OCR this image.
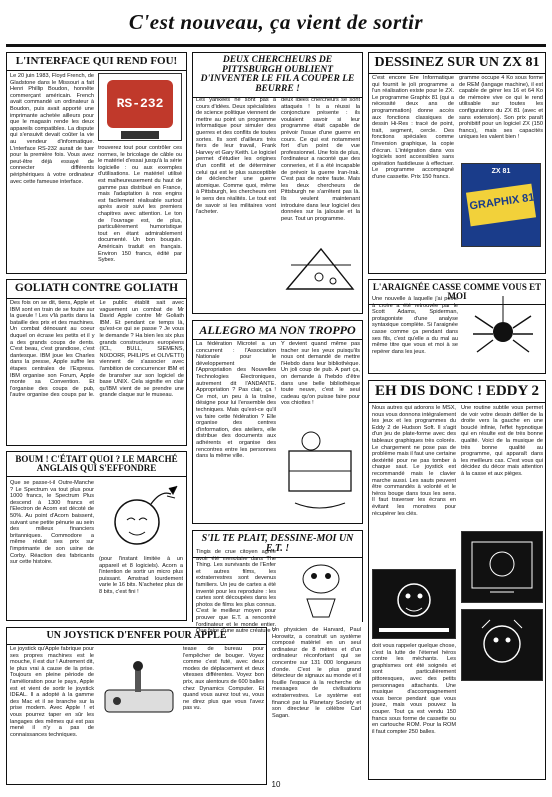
C'est nouveau, ça vient de sortir
L'INTERFACE QUI REND FOU!
Le 20 juin 1983, Floyd French, de Gladstone dans le Missouri a fait Henri Phillip Boudon, honnête commerçant américain. French avait commandé un ordinateur à Boudon, puis avait apporté une imprimante achetée ailleurs pour que le magasin rende les deux appareils compatibles. La dispute qui s'ensuivit devait coûter la vie au vendeur d'informatique. L'interface RS-232 aurait de tuer pour la première fois. Vous avez peut-être déjà essayé de connecter différents périphériques à votre ordinateur avec cette fameuse interface.
RS-232
trouverez tout pour contrôler ces normes, le bricolage de câble ou le matériel d'essai jusqu'à la série logicielle : ou aux exemples d'utilisations. Le matériel utilisé est malheureusement du haut de gamme pas distribué en France, mais l'adaptation à nos engins est facilement réalisable surtout après avoir suivi les premiers chapitres avec attention. Le ton de l'ouvrage est, de plus, particulièrement humoristique tout en étant admirablement documenté. Un bon bouquin. Américain traduit en français. Environ 150 francs, édité par Sybex.
GOLIATH CONTRE GOLIATH
Des fois on se dit, tiens, Apple et IBM sont en train de se foutre sur la gueule ! Les v'là partis dans la bataille des prix et des machines. Un combat dénouant au coeur duquel on écrase les petits et il y a des grands coups de dents. C'est beau, c'est grandiose, c'est dantesque. IBM joue les Charles dans la presse, Apple suffre les étapes centrales de l'Express. IBM organise son Forum, Apple monte sa Convention. Et l'organise des coups de pub, l'autre organise des coups par le. Le public établit sait avec vaguement un combat de Mr David Apple contre Mr Goliath IBM. Et pendant ce temps là, qu'est-ce qui se passe ? Je vous le demande ? Ha bien les six plus grands constructeurs européens (ICL, BULL, SIEMENS, NIXDORF, PHILIPS et OLIVETTI) viennent de s'associer avec l'ambition de concurrencer IBM et de bransher sur son logiciel de base UNIX. Cela signifie en clair qu'IBM vient de se prendre une grande claque sur le museau.
BOUM ! C'ÉTAIT QUOI ? LE MARCHÉ ANGLAIS QUI S'EFFONDRE
Que se passe-t-il Outre-Manche ? Le Spectrum va tout plus pour 1000 francs, le Spectrum Plus descend à 1300 francs et l'Electron de Acorn est décoté de 50%. Au point d'Acorn baissent, suivant une petite pénurie au sein des milieux financiers britanniques. Commodore a même réduit ses prix sur l'imprimante de son usine de Corby. Réaction des fabricants sur cette histoire.
(pour l'instant limitée à un appareil et 8 logiciels). Acorn a l'intention de sortir un micro plus puissant. Amstrad lourdement varie le 16 bits. N'achetez plus de 8 bits, c'est fini !
UN JOYSTICK D'ENFER POUR APPLE
Le joystick qu'Apple fabrique pour ses propres machines est le mouche, il est dur ! Autrement dit, le plus vrai à cause de la prise. Toujours en pleine période de l'amélioration pour le pays, Apple est et vient de sortir le joystick IDEAL. Il a adopté à la gamme des Mac et il se branche sur la prise modem. Avec Apple ! et vous pourrez taper en sûr les langages des mêmes qui est pas mené il n'y a pas de connaissances techniques.
tease de bureau pour l'empêcher de bouger. Voyez comme c'est futé, avec deux modes de déplacement et deux vitesses différentes. Voyez bon prix, aux alentours de 600 balles chez Dynamics Computer. Et quand vous aurez tout vu, vous ne direz plus que vous l'avez pas vu.
DEUX CHERCHEURS DE PITTSBURGH OUBLIENT D'INVENTER LE FIL A COUPER LE BEURRE !
Les yankees ne sont pas à cours d'idées. Deux spécialistes de science politique viennent de mettre au point un programme informatique pour simuler des guerres et des conflits de toutes sortes. Ils sont d'ailleurs très fiers de leur travail, Frank Harvey et Gary Keith. Le logiciel permet d'étudier les origines d'un conflit et de déterminer celui qui est le plus susceptible de déclencher une guerre atomique. Comme quoi, même à Pittsburgh, les chercheurs ont le sens des réalités. Le tout est de savoir si les militaires vont l'acheter.
deux idées chercheurs se sont attaqués ! Is a réussi la conjoncture présente : ils voulaient savoir si leur programme était capable de prévoir l'issue d'une guerre en cours. Ce qui est notamment fort d'un point de vue professionnel. Une fois de plus, l'ordinateur a raconté que des conneries, et il a été incapable de prévoir la guerre Iran-Irak. C'est pas de notre faute. Mais les deux chercheurs de Pittsburgh ne s'arrêtent pas là. Ils veulent maintenant introduire dans leur logiciel des données sur la jalousie et la peur. Tout un programme.
ALLEGRO MA NON TROPPO
La fédération Microtel a un concurrent : l'Association Nationale pour le développement de l'Appropriation des Nouvelles Technologies Électroniques, autrement dit l'ANDANTE. Appropriation ? Pas clair, ça ! Ce mot, un peu à la traîne, désigne pour lui l'ensemble des techniques. Mais qu'est-ce qu'il va faire cette fédération ? Elle organise des centres d'information, des ateliers, elle distribue des documents aux adhérents et organise des rencontres entre les personnes dans la même ville.
Y devient quand même pas tracher sur les yeux puisqu'ils nous ont demandé de mettre l'Hebdo dans leur bibliothèque. Un joli coup de pub. A part ça, on demande à l'hebdo d'être dans une belle bibliothèque toute neuve, c'est le seul cadeau qu'on puisse faire pour vos chiottes !
S'IL TE PLAIT, DESSINE-MOI UN E.T. !
Tingis de crue citoyen agrée avoir été menotaire dans The Thing. Les survivants de l'Enfer et autres films, les extraterrestres sont devenus familiers. Un jeu de cartes a été inventé pour les reproduire : les cartes sont découpées dans les photos de films les plus connus. C'est le meilleur moyen pour prouver que E.T. a rencontré l'ordinateur et le monde entier. Que faire d'une autre créature ?
Un physicien de Harvard, Paul Horowitz, a construit un système composé matériel en un seul ordinateur de 8 mètres et d'un ordinateur réconfortant qui se concentre sur 131 000 longueurs d'onde. C'est le plus grand détecteur de signaux au monde et il fouille l'espace à la recherche de messages de civilisations extraterrestres. Le système est financé par la Planetary Society et son directeur le célèbre Carl Sagan.
DESSINEZ SUR UN ZX 81
C'est encore Ere Informatique qui fournit le joli programme a l'un réalisation existe pour le ZX. Le programme Graphix 81 (qui a nécessité deux ans de programmation) donne accès aux fonctions classiques de dessin Hi-Res : tracé de point, trait, segment, cercle. Des fonctions spéciales comme l'inversion graphique, la copie d'écran. L'intégration dans vos logiciels sont accessibles sans opération fastidieuse à effectuer. Le programme accompagné d'une cassette. Prix 150 francs.
gramme occupe 4 Ko sous forme de REM (langage machine), il est capable de gérer les 16 et 64 Ko de mémoire vive ce qui le rend utilisable sur toutes les configurations du ZX 81 (avec et sans extension). Son prix paraît prohibitif pour un logiciel ZX (150 francs), mais ses capacités uniques les valent bien !
ZX 81
GRAPHIX 81
L'ARAIGNÉE CASSE COMME VOUS ET MOI
Une nouvelle à laquelle j'ai peine à croire a été retrouvée par le Scott Adams, Spiderman, protagoniste d'une analyse syntaxique complète. Si l'araignée casse comme ça pendant dans ses fils, c'est qu'elle a du mal au même titre que vous et moi à se repérer dans les jeux.
EH DIS DONC ! EDDY 2
Nous autres qui adorons le MSX, nous vous donnons intégralement les jeux et les programmes du Eddy 2 de Hudson Soft. Il s'agit d'un jeu de plate-forme avec des tableaux graphiques très colorés. Le chargement ne pose pas de problème mais il faut une certaine dextérité pour ne pas tomber à chaque saut. Le joystick est recommandé mais le clavier marche aussi. Les sauts peuvent être commandés à volonté et le héros bouge dans tous les sens. Il faut traverser les écrans en évitant les monstres pour récupérer les clés.
Une routine subtile vous permet de voir votre dessin défiler de la droite vers la gauche en une bouclé infinie, l'effet hypnotique qui en résulte est de très bonne qualité. Voici de la musique de très bonne qualité au programme, qui apparaît dans les meilleurs cas. C'est vous qui décidez du décor mais attention à la casse et aux pièges.
doit vous rappeler quelque chose, c'est la lutte de l'éternel héros contre les méchants. Les graphismes ont été soignés et sont particulièrement pittoresques, avec des petits personnages attachants. Une musique d'accompagnement vous berce pendant que vous jouez, mais vous pouvez la couper. Tout ça est vendu 150 francs sous forme de cassette ou en cartouche ROM. Pour la ROM il faut compter 250 balles.
10
